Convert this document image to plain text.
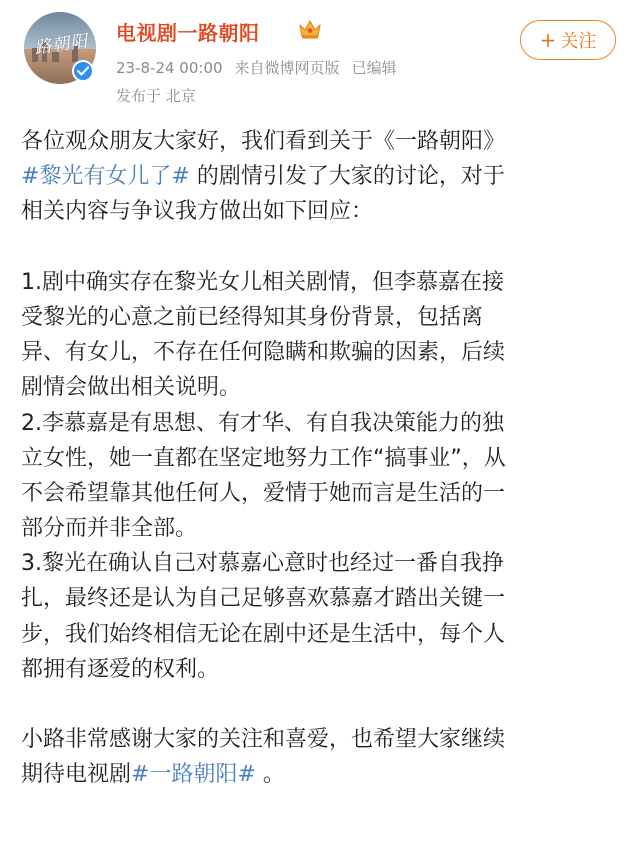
路朝阳 电视剧一路朝阳
23-8-24 00:00 来自微博网页版 已编辑
发布于 北京
+ 关注
各位观众朋友大家好，我们看到关于《一路朝阳》
#黎光有女儿了# 的剧情引发了大家的讨论，对于
相关内容与争议我方做出如下回应：
1.剧中确实存在黎光女儿相关剧情，但李慕嘉在接
受黎光的心意之前已经得知其身份背景，包括离
异、有女儿，不存在任何隐瞒和欺骗的因素，后续
剧情会做出相关说明。
2.李慕嘉是有思想、有才华、有自我决策能力的独
立女性，她一直都在坚定地努力工作“搞事业”，从
不会希望靠其他任何人，爱情于她而言是生活的一
部分而并非全部。
3.黎光在确认自己对慕嘉心意时也经过一番自我挣
扎，最终还是认为自己足够喜欢慕嘉才踏出关键一
步，我们始终相信无论在剧中还是生活中，每个人
都拥有逐爱的权利。
小路非常感谢大家的关注和喜爱，也希望大家继续
期待电视剧#一路朝阳# 。
